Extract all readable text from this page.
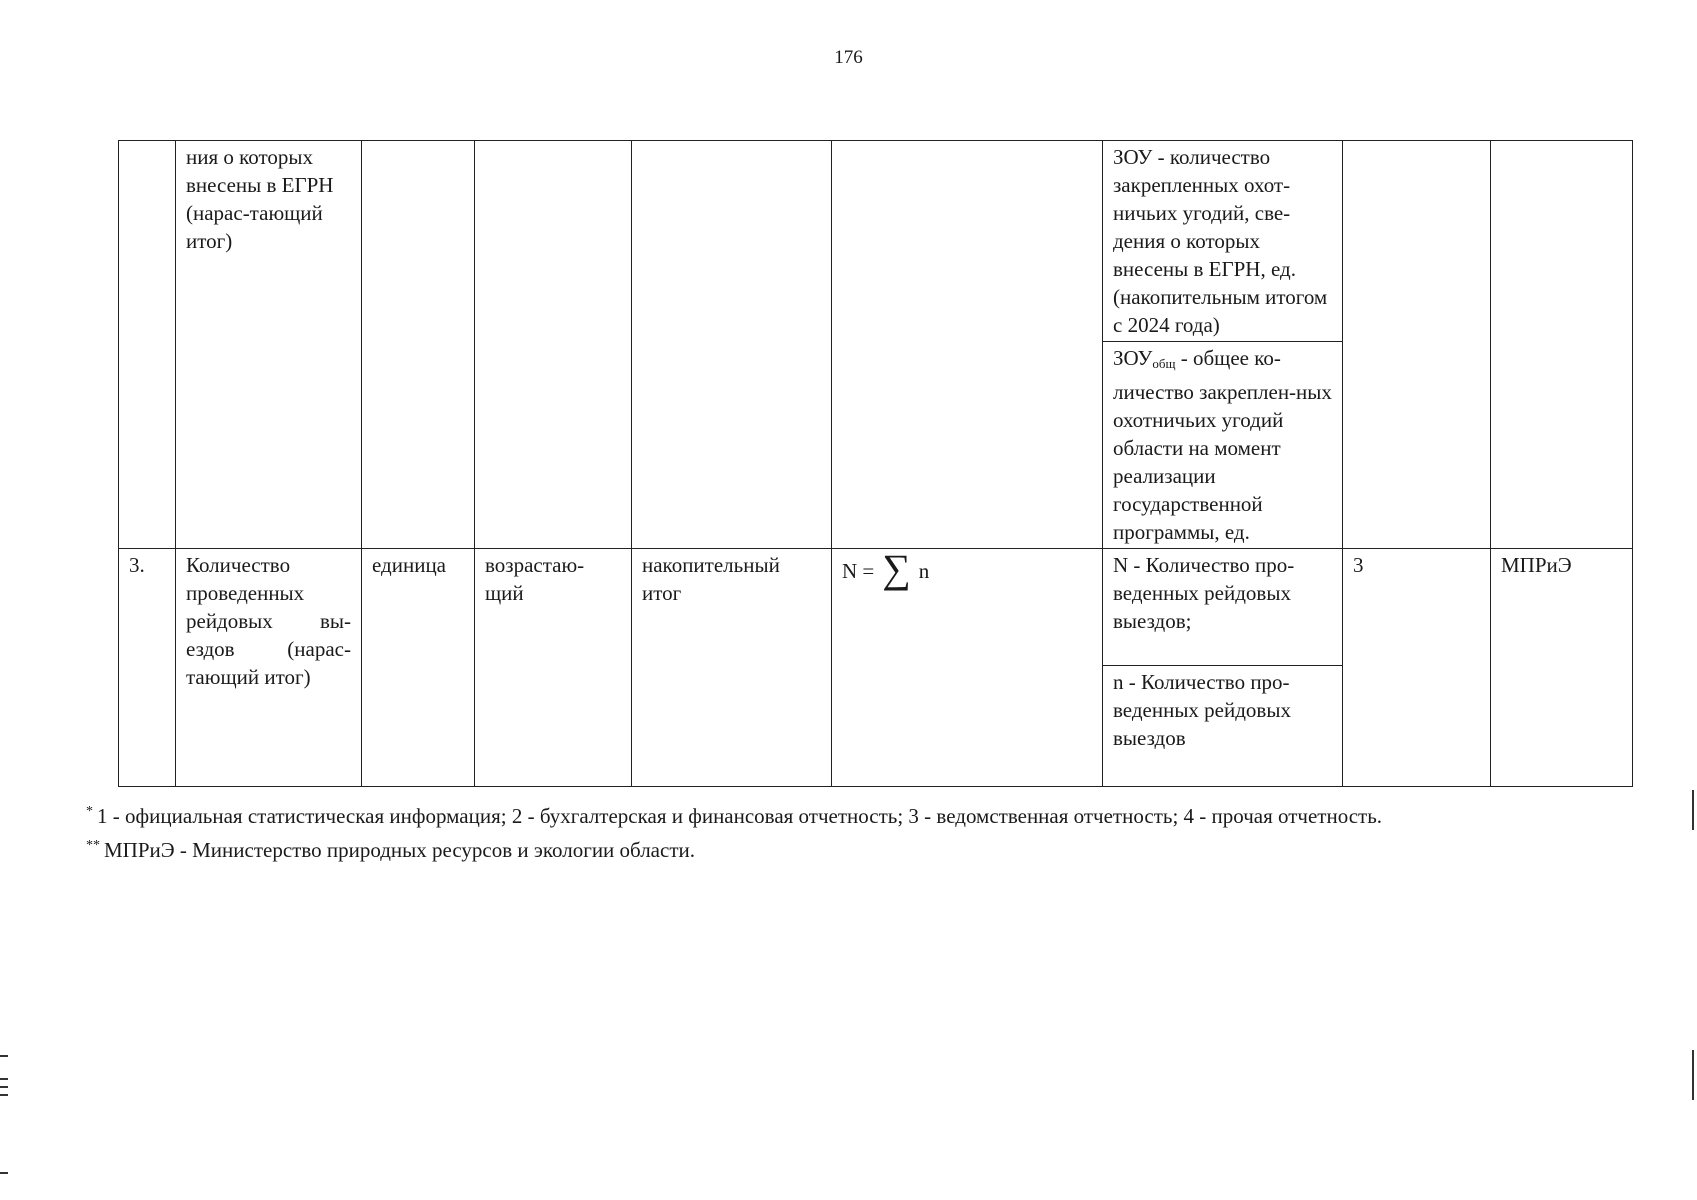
176
	ния о которых внесены в ЕГРН (нарас-тающий итог)					ЗОУ - количество закрепленных охот-ничьих угодий, све-дения о которых внесены в ЕГРН, ед. (накопительным итогом с 2024 года)		
						$ЗОУ_{общ}$ - общее ко-личество закреплен-ных охотничьих угодий области на момент реализации государственной программы, ед.		
3.	Количество проведенных рейдовых вы-ездов (нарас-тающий итог)	единица	возрастаю-щий	накопительный итог	N = ∑ n	N - Количество про-веденных рейдовых выездов;	3	МПРиЭ
						n - Количество про-веденных рейдовых выездов		
* 1 - официальная статистическая информация; 2 - бухгалтерская и финансовая отчетность; 3 - ведомственная отчетность; 4 - прочая отчетность.
** МПРиЭ - Министерство природных ресурсов и экологии области.
